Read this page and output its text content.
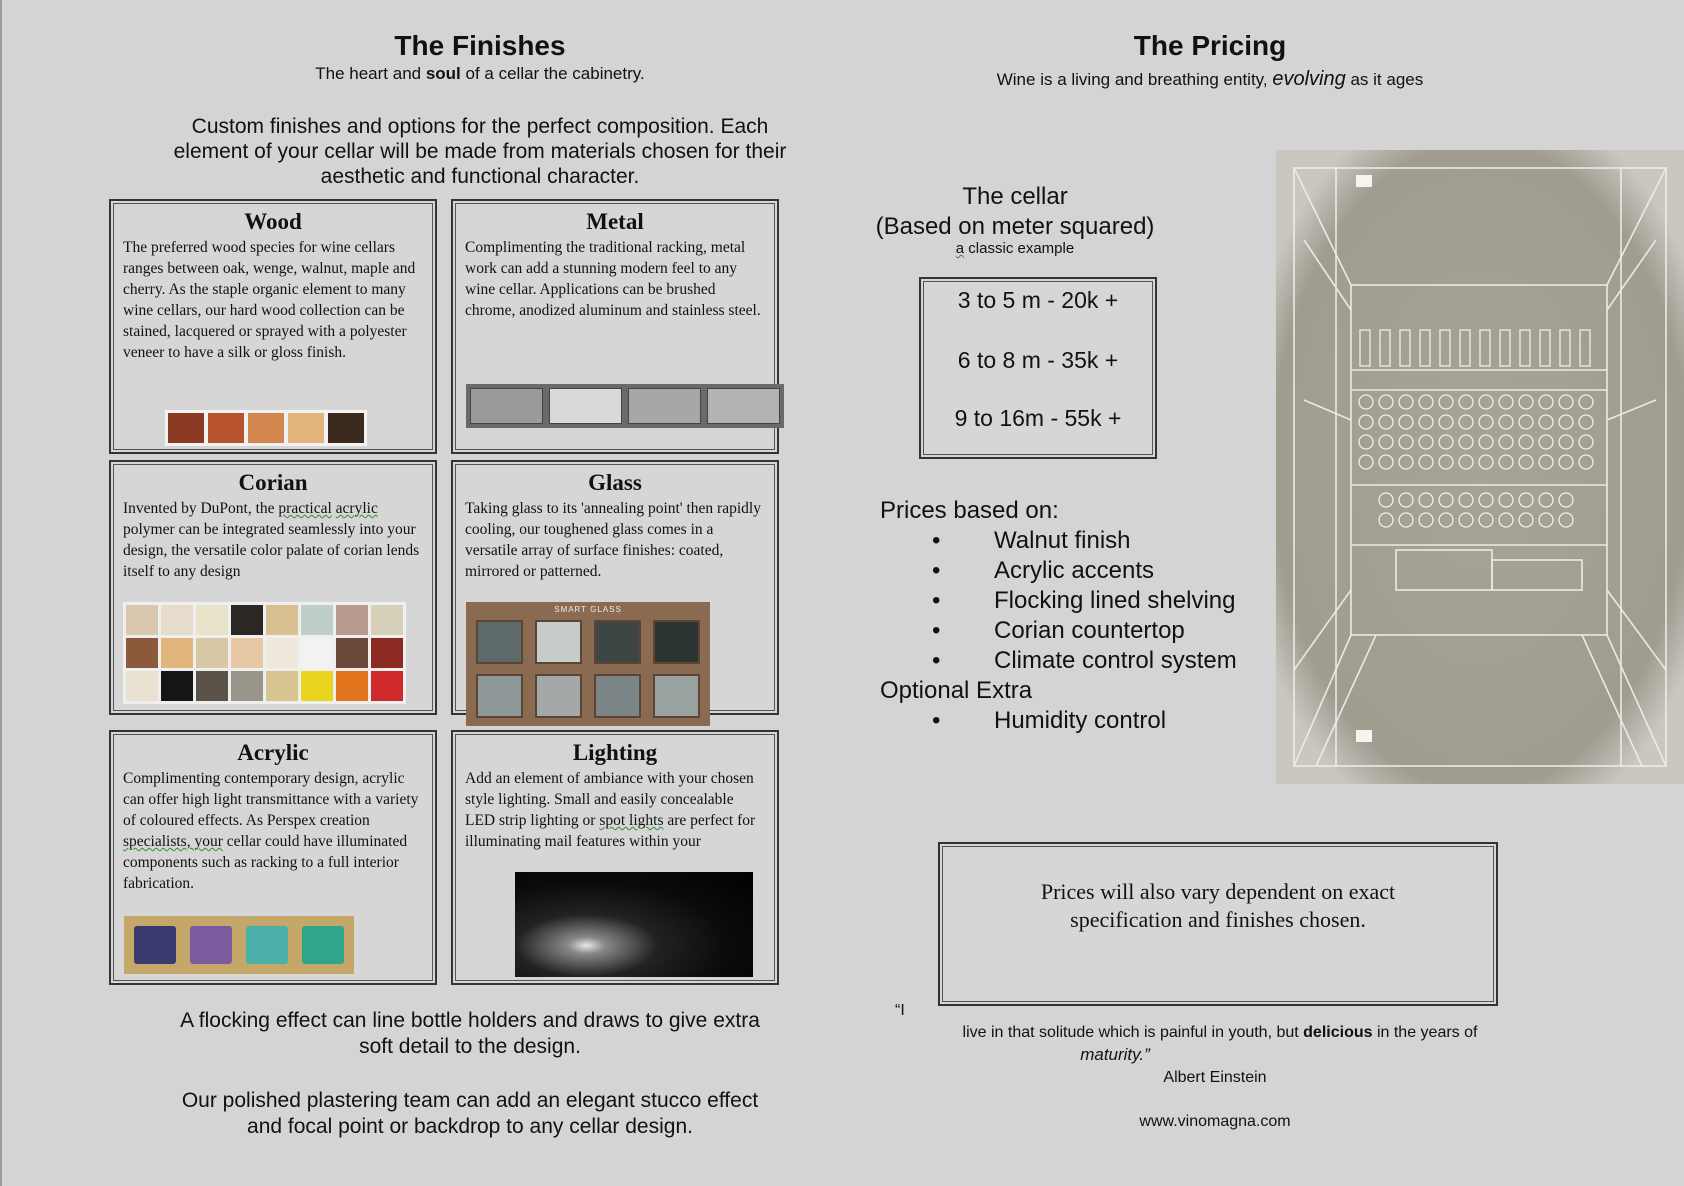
The Finishes
The heart and soul of a cellar the cabinetry.
Custom finishes and options for the perfect composition. Each
element of your cellar will be made from materials chosen for their
aesthetic and functional character.
Wood
The preferred wood species for wine cellars ranges between oak, wenge, walnut, maple and cherry. As the staple organic element to many wine cellars, our hard wood collection can be stained, lacquered or sprayed with a polyester veneer to have a silk or gloss finish.
Metal
Complimenting the traditional racking, metal work can add a stunning modern feel to any wine cellar. Applications can be brushed chrome, anodized aluminum and stainless steel.
Corian
Invented by DuPont, the practical acrylic polymer can be integrated seamlessly into your design, the versatile color palate of corian lends itself to any design
Glass
Taking glass to its 'annealing point' then rapidly cooling, our toughened glass comes in a versatile array of surface finishes: coated, mirrored or patterned.
SMART GLASS
Acrylic
Complimenting contemporary design, acrylic can offer high light transmittance with a variety of coloured effects. As Perspex creation specialists, your cellar could have illuminated components such as racking to a full interior fabrication.
Lighting
Add an element of ambiance with your chosen style lighting. Small and easily concealable LED strip lighting or spot lights are perfect for illuminating mail features within your
A flocking effect can line bottle holders and draws to give extra
soft detail to the design.
Our polished plastering team can add an elegant stucco effect
and focal point or backdrop to any cellar design.
The Pricing
Wine is a living and breathing entity, evolving as it ages
The cellar
(Based on meter squared)
a classic example
3 to 5 m - 20k +
6 to 8 m - 35k +
9 to 16m - 55k +
Prices based on:
•	Walnut finish
•	Acrylic accents
•	Flocking lined shelving
•	Corian countertop
•	Climate control system
Optional Extra
•	Humidity control
Prices will also vary dependent on exact
specification and finishes chosen.
“I
live in that solitude which is painful in youth, but delicious in the years of
maturity.”
Albert Einstein
www.vinomagna.com
